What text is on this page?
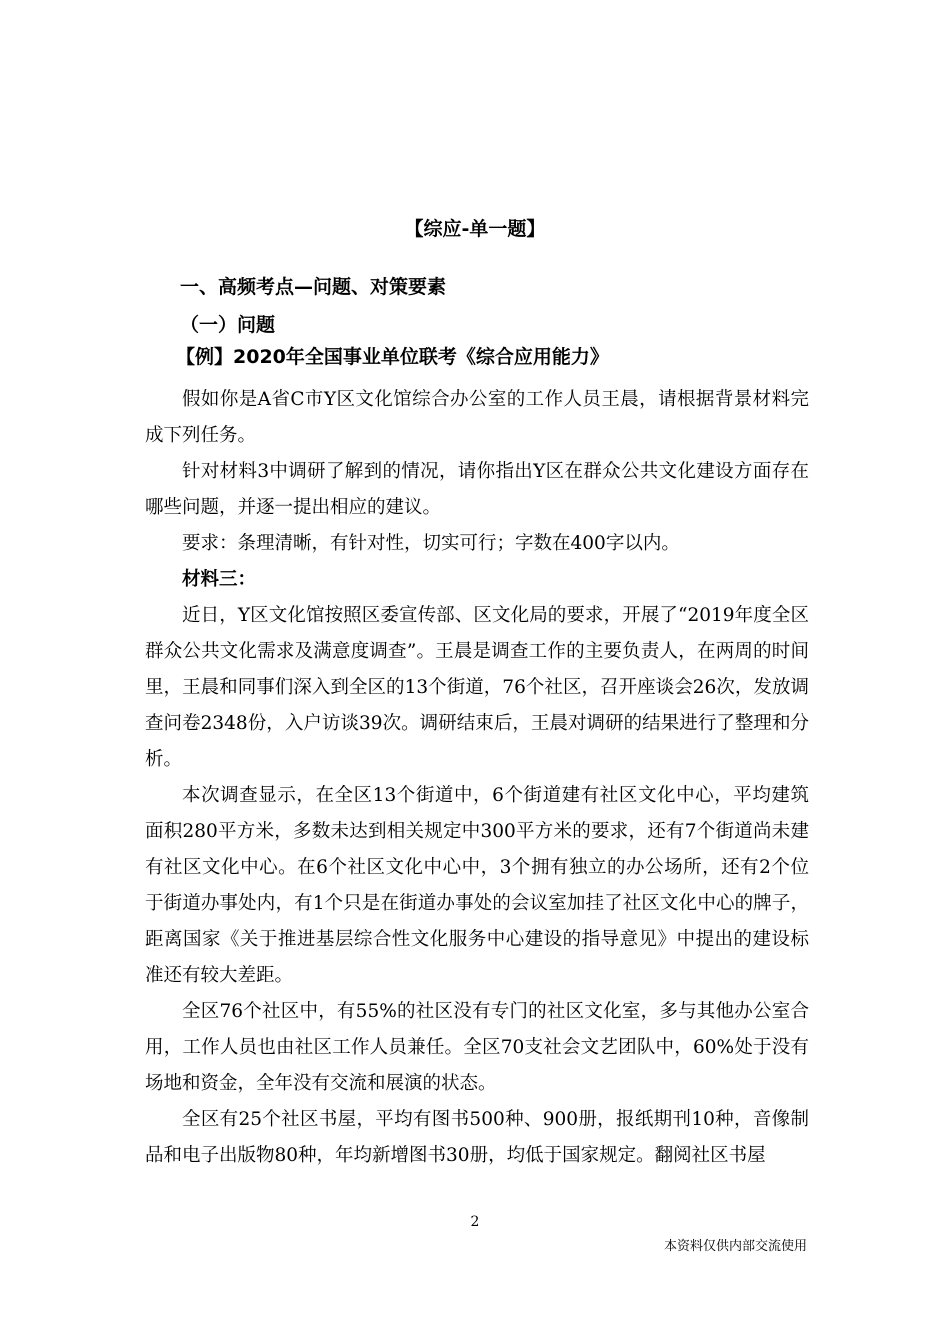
【综应-单一题】
一、高频考点—问题、对策要素
（一）问题
【例】2020年全国事业单位联考《综合应用能力》

假如你是A省C市Y区文化馆综合办公室的工作人员王晨，请根据背景材料完成下列任务。

针对材料3中调研了解到的情况，请你指出Y区在群众公共文化建设方面存在哪些问题，并逐一提出相应的建议。

要求：条理清晰，有针对性，切实可行；字数在400字以内。

材料三：

近日，Y区文化馆按照区委宣传部、区文化局的要求，开展了“2019年度全区群众公共文化需求及满意度调查”。王晨是调查工作的主要负责人，在两周的时间里，王晨和同事们深入到全区的13个街道，76个社区，召开座谈会26次，发放调查问卷2348份，入户访谈39次。调研结束后，王晨对调研的结果进行了整理和分析。

本次调查显示，在全区13个街道中，6个街道建有社区文化中心，平均建筑面积280平方米，多数未达到相关规定中300平方米的要求，还有7个街道尚未建有社区文化中心。在6个社区文化中心中，3个拥有独立的办公场所，还有2个位于街道办事处内，有1个只是在街道办事处的会议室加挂了社区文化中心的牌子，距离国家《关于推进基层综合性文化服务中心建设的指导意见》中提出的建设标准还有较大差距。

全区76个社区中，有55%的社区没有专门的社区文化室，多与其他办公室合用，工作人员也由社区工作人员兼任。全区70支社会文艺团队中，60%处于没有场地和资金，全年没有交流和展演的状态。

全区有25个社区书屋，平均有图书500种、900册，报纸期刊10种，音像制品和电子出版物80种，年均新增图书30册，均低于国家规定。翻阅社区书屋

2
本资料仅供内部交流使用
